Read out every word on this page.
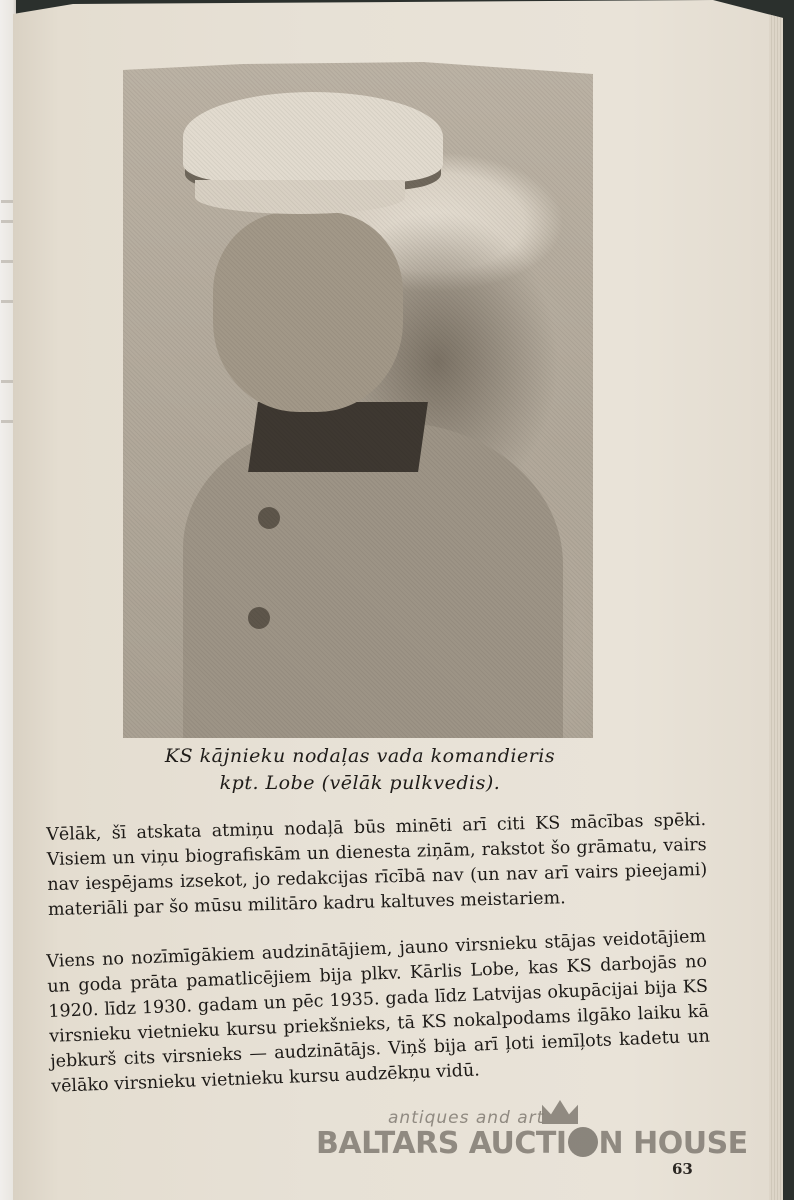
KS kājnieku nodaļas vada komandieris
kpt. Lobe (vēlāk pulkvedis).

Vēlāk, šī atskata atmiņu nodaļā būs minēti arī citi KS mācības spēki. Visiem un viņu biografiskām un dienesta ziņām, rakstot šo grāmatu, vairs nav iespējams izsekot, jo redakcijas rīcībā nav (un nav arī vairs pieejami) materiāli par šo mūsu militāro kadru kaltuves meistariem.

Viens no nozīmīgākiem audzinātājiem, jauno virsnieku stājas veidotājiem un goda prāta pamatlicējiem bija plkv. Kārlis Lobe, kas KS darbojās no 1920. līdz 1930. gadam un pēc 1935. gada līdz Latvijas okupācijai bija KS virsnieku vietnieku kursu priekšnieks, tā KS nokalpodams ilgāko laiku kā jebkurš cits virsnieks — audzinātājs. Viņš bija arī ļoti iemīļots kadetu un vēlāko virsnieku vietnieku kursu audzēkņu vidū.

antiques and art
BALTARS AUCTI N HOUSE
63
